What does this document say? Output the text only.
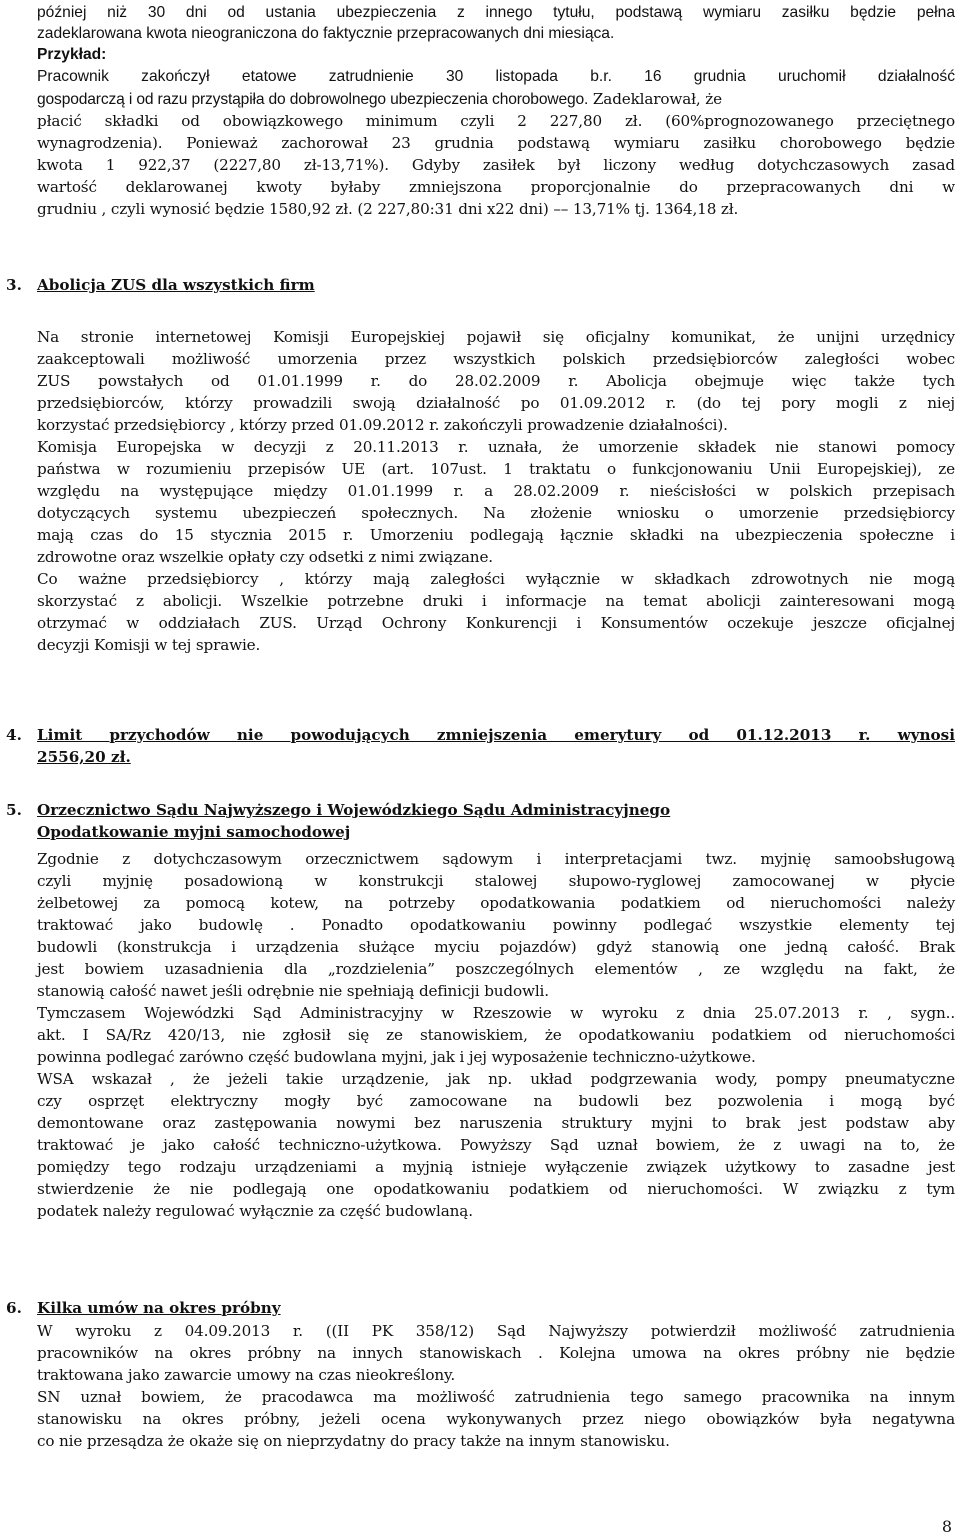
później niż 30 dni od ustania ubezpieczenia z innego tytułu, podstawą wymiaru zasiłku będzie pełna
zadeklarowana kwota nieograniczona do faktycznie przepracowanych dni miesiąca.
Przykład:
Pracownik zakończył etatowe zatrudnienie 30 listopada b.r. 16 grudnia uruchomił działalność
gospodarczą i od razu przystąpiła do dobrowolnego ubezpieczenia chorobowego. Zadeklarował, że
płacić składki od obowiązkowego minimum czyli 2 227,80 zł. (60%prognozowanego przeciętnego
wynagrodzenia). Ponieważ zachorował 23 grudnia podstawą wymiaru zasiłku chorobowego będzie
kwota 1 922,37 (2227,80 zł-13,71%). Gdyby zasiłek był liczony według dotychczasowych zasad
wartość deklarowanej kwoty byłaby zmniejszona proporcjonalnie do przepracowanych dni w
grudniu , czyli wynosić będzie 1580,92 zł. (2 227,80:31 dni x22 dni) –– 13,71% tj. 1364,18 zł.
3. Abolicja ZUS dla wszystkich firm
Na stronie internetowej Komisji Europejskiej pojawił się oficjalny komunikat, że unijni urzędnicy
zaakceptowali możliwość umorzenia przez wszystkich polskich przedsiębiorców zaległości wobec
ZUS powstałych od 01.01.1999 r. do 28.02.2009 r. Abolicja obejmuje więc także tych
przedsiębiorców, którzy prowadzili swoją działalność po 01.09.2012 r. (do tej pory mogli z niej
korzystać przedsiębiorcy , którzy przed 01.09.2012 r. zakończyli prowadzenie działalności).
Komisja Europejska w decyzji z 20.11.2013 r. uznała, że umorzenie składek nie stanowi pomocy
państwa w rozumieniu przepisów UE (art. 107ust. 1 traktatu o funkcjonowaniu Unii Europejskiej), ze
względu na występujące między 01.01.1999 r. a 28.02.2009 r. nieścisłości w polskich przepisach
dotyczących systemu ubezpieczeń społecznych. Na złożenie wniosku o umorzenie przedsiębiorcy
mają czas do 15 stycznia 2015 r. Umorzeniu podlegają łącznie składki na ubezpieczenia społeczne i
zdrowotne oraz wszelkie opłaty czy odsetki z nimi związane.
Co ważne przedsiębiorcy , którzy mają zaległości wyłącznie w składkach zdrowotnych nie mogą
skorzystać z abolicji. Wszelkie potrzebne druki i informacje na temat abolicji zainteresowani mogą
otrzymać w oddziałach ZUS. Urząd Ochrony Konkurencji i Konsumentów oczekuje jeszcze oficjalnej
decyzji Komisji w tej sprawie.
4. Limit przychodów nie powodujących zmniejszenia emerytury od 01.12.2013 r. wynosi
2556,20 zł.
5. Orzecznictwo Sądu Najwyższego i Wojewódzkiego Sądu Administracyjnego
Opodatkowanie myjni samochodowej
Zgodnie z dotychczasowym orzecznictwem sądowym i interpretacjami twz. myjnię samoobsługową
czyli myjnię posadowioną w konstrukcji stalowej słupowo-ryglowej zamocowanej w płycie
żelbetowej za pomocą kotew, na potrzeby opodatkowania podatkiem od nieruchomości należy
traktować jako budowlę . Ponadto opodatkowaniu powinny podlegać wszystkie elementy tej
budowli (konstrukcja i urządzenia służące myciu pojazdów) gdyż stanowią one jedną całość. Brak
jest bowiem uzasadnienia dla „rozdzielenia” poszczególnych elementów , ze względu na fakt, że
stanowią całość nawet jeśli odrębnie nie spełniają definicji budowli.
Tymczasem Wojewódzki Sąd Administracyjny w Rzeszowie w wyroku z dnia 25.07.2013 r. , sygn..
akt. I SA/Rz 420/13, nie zgłosił się ze stanowiskiem, że opodatkowaniu podatkiem od nieruchomości
powinna podlegać zarówno część budowlana myjni, jak i jej wyposażenie techniczno-użytkowe.
WSA wskazał , że jeżeli takie urządzenie, jak np. układ podgrzewania wody, pompy pneumatyczne
czy osprzęt elektryczny mogły być zamocowane na budowli bez pozwolenia i mogą być
demontowane oraz zastępowania nowymi bez naruszenia struktury myjni to brak jest podstaw aby
traktować je jako całość techniczno-użytkowa. Powyższy Sąd uznał bowiem, że z uwagi na to, że
pomiędzy tego rodzaju urządzeniami a myjnią istnieje wyłączenie związek użytkowy to zasadne jest
stwierdzenie że nie podlegają one opodatkowaniu podatkiem od nieruchomości. W związku z tym
podatek należy regulować wyłącznie za część budowlaną.
6. Kilka umów na okres próbny
W wyroku z 04.09.2013 r. ((II PK 358/12) Sąd Najwyższy potwierdził możliwość zatrudnienia
pracowników na okres próbny na innych stanowiskach . Kolejna umowa na okres próbny nie będzie
traktowana jako zawarcie umowy na czas nieokreślony.
SN uznał bowiem, że pracodawca ma możliwość zatrudnienia tego samego pracownika na innym
stanowisku na okres próbny, jeżeli ocena wykonywanych przez niego obowiązków była negatywna
co nie przesądza że okaże się on nieprzydatny do pracy także na innym stanowisku.
8
